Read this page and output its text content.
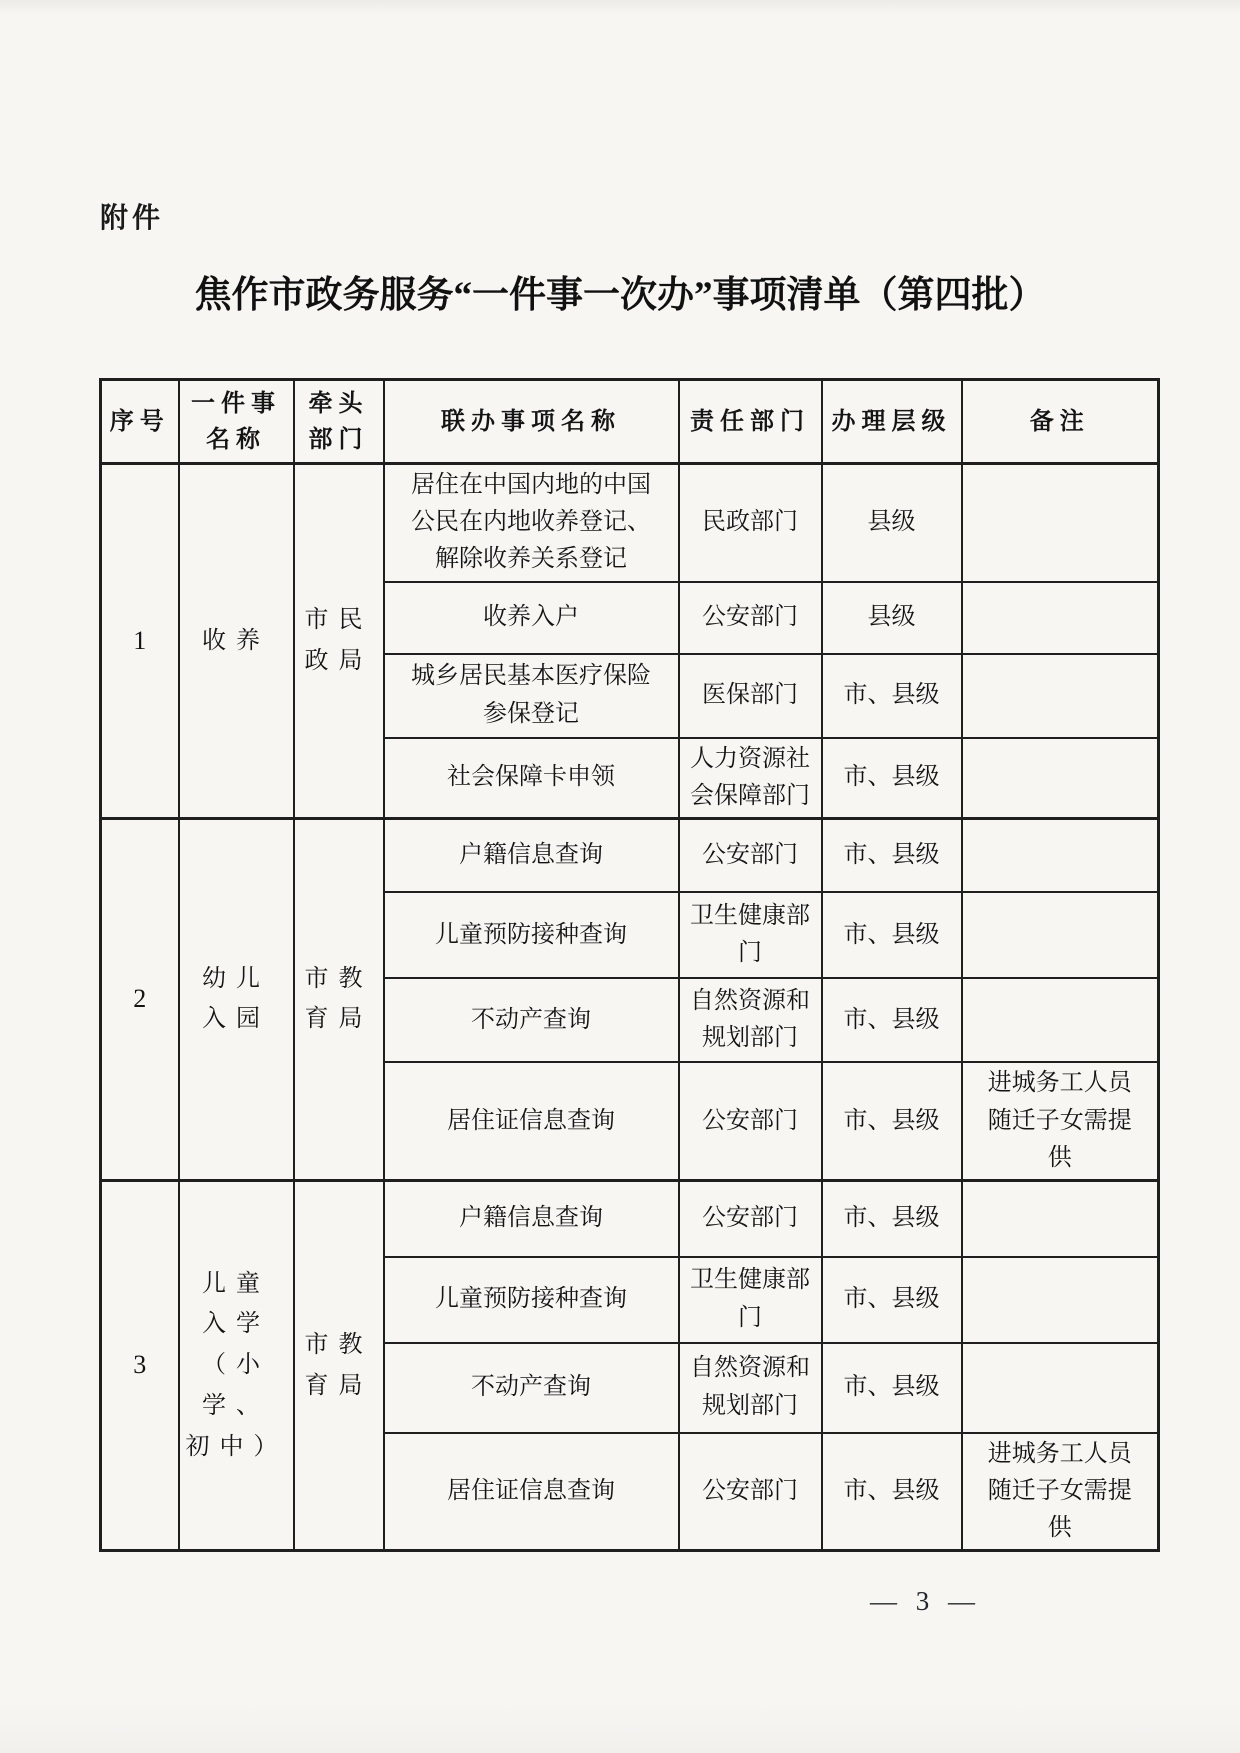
附件
焦作市政务服务“一件事一次办”事项清单（第四批）
序号	一件事名称	牵头部门	联办事项名称	责任部门	办理层级	备注
1	收养	市民政局	居住在中国内地的中国公民在内地收养登记、解除收养关系登记	民政部门	县级	
			收养入户	公安部门	县级	
			城乡居民基本医疗保险参保登记	医保部门	市、县级	
			社会保障卡申领	人力资源社会保障部门	市、县级	
2	幼儿入园	市教育局	户籍信息查询	公安部门	市、县级	
			儿童预防接种查询	卫生健康部门	市、县级	
			不动产查询	自然资源和规划部门	市、县级	
			居住证信息查询	公安部门	市、县级	进城务工人员随迁子女需提供
3	儿童入学（小学、初中）	市教育局	户籍信息查询	公安部门	市、县级	
			儿童预防接种查询	卫生健康部门	市、县级	
			不动产查询	自然资源和规划部门	市、县级	
			居住证信息查询	公安部门	市、县级	进城务工人员随迁子女需提供
— 3 —
